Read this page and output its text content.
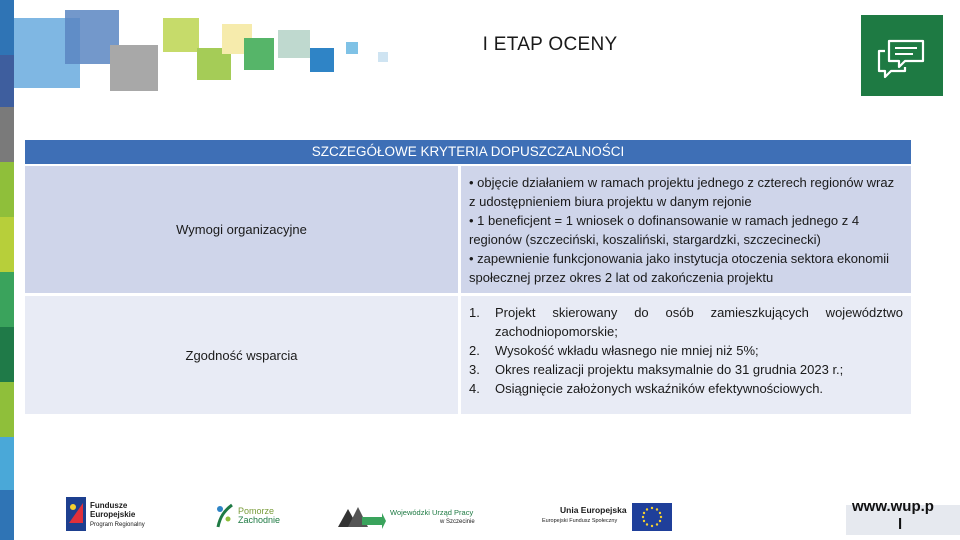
I ETAP OCENY
SZCZEGÓŁOWE KRYTERIA DOPUSZCZALNOŚCI
Wymogi organizacyjne
• objęcie działaniem w ramach projektu jednego z czterech regionów wraz z udostępnieniem biura projektu w danym rejonie
• 1 beneficjent = 1 wniosek o dofinansowanie w ramach jednego z 4 regionów (szczeciński, koszaliński, stargardzki, szczecinecki)
• zapewnienie funkcjonowania jako instytucja otoczenia sektora ekonomii społecznej przez okres 2 lat od zakończenia projektu
Zgodność wsparcia
1.	Projekt skierowany do osób zamieszkujących województwo zachodniopomorskie;
2.	Wysokość wkładu własnego nie mniej niż 5%;
3.	Okres realizacji projektu maksymalnie do 31 grudnia 2023 r.;
4.	Osiągnięcie założonych wskaźników efektywnościowych.
Fundusze
Europejskie
Program Regionalny
Pomorze
Zachodnie
Wojewódzki Urząd Pracy
w Szczecinie
Unia Europejska
Europejski Fundusz Społeczny
www.wup.p
l
